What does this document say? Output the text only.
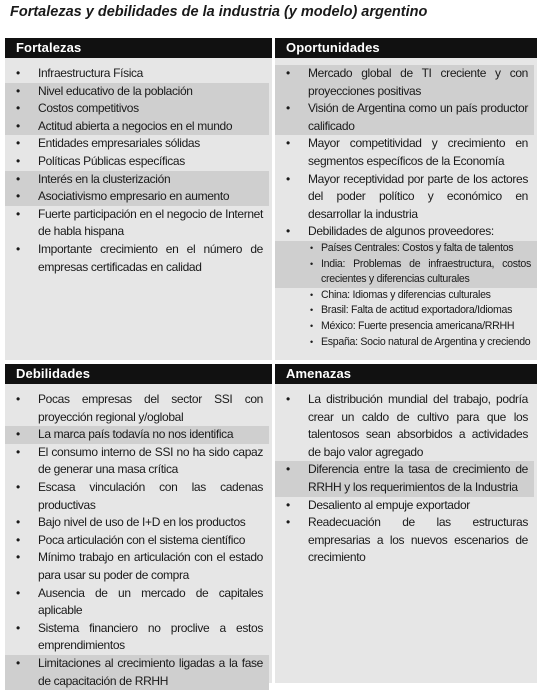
Fortalezas y debilidades de la industria (y modelo) argentino
Fortalezas
• Infraestructura Física
• Nivel educativo de la población
• Costos competitivos
• Actitud abierta a negocios en el mundo
• Entidades empresariales sólidas
• Políticas Públicas específicas
• Interés en la clusterización
• Asociativismo empresario en aumento
• Fuerte participación en el negocio de Internet de habla hispana
• Importante crecimiento en el número de empresas certificadas en calidad
Oportunidades
• Mercado global de TI creciente y con proyecciones positivas
• Visión de Argentina como un país productor calificado
• Mayor competitividad y crecimiento en segmentos específicos de la Economía
• Mayor receptividad por parte de los actores del poder político y económico en desarrollar la industria
• Debilidades de algunos proveedores:
• Países Centrales: Costos y falta de talentos
• India: Problemas de infraestructura, costos crecientes y diferencias culturales
• China: Idiomas y diferencias culturales
• Brasil: Falta de actitud exportadora/Idiomas
• México: Fuerte presencia americana/RRHH
• España: Socio natural de Argentina y creciendo
Debilidades
• Pocas empresas del sector SSI con proyección regional y/oglobal
• La marca país todavía no nos identifica
• El consumo interno de SSI no ha sido capaz de generar una masa crítica
• Escasa vinculación con las cadenas productivas
• Bajo nivel de uso de I+D en los productos
• Poca articulación con el sistema científico
• Mínimo trabajo en articulación con el estado para usar su poder de compra
• Ausencia de un mercado de capitales aplicable
• Sistema financiero no proclive a estos emprendimientos
• Limitaciones al crecimiento ligadas a la fase de capacitación de RRHH
Amenazas
• La distribución mundial del trabajo, podría crear un caldo de cultivo para que los talentosos sean absorbidos a actividades de bajo valor agregado
• Diferencia entre la tasa de crecimiento de RRHH y los requerimientos de la Industria
• Desaliento al empuje exportador
• Readecuación de las estructuras empresarias a los nuevos escenarios de crecimiento
